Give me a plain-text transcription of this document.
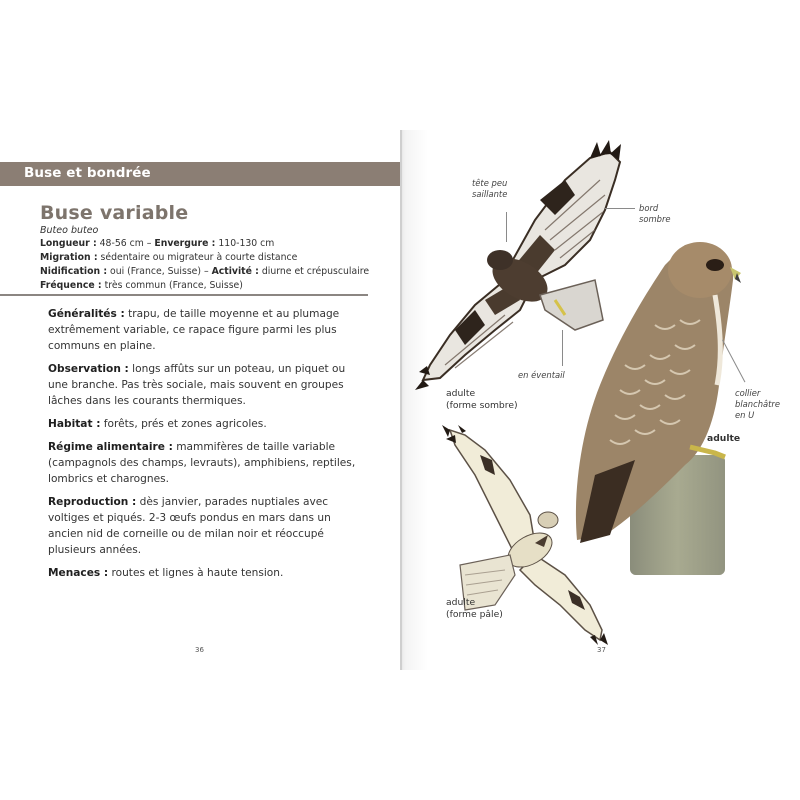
Buse et bondrée
Buse variable
Buteo buteo
Longueur : 48-56 cm – Envergure : 110-130 cm
Migration : sédentaire ou migrateur à courte distance
Nidification : oui (France, Suisse) – Activité : diurne et crépusculaire
Fréquence : très commun (France, Suisse)

Généralités : trapu, de taille moyenne et au plumage extrêmement variable, ce rapace figure parmi les plus communs en plaine.

Observation : longs affûts sur un poteau, un piquet ou une branche. Pas très sociale, mais souvent en groupes lâches dans les courants thermiques.

Habitat : forêts, prés et zones agricoles.

Régime alimentaire : mammifères de taille variable (campagnols des champs, levrauts), amphibiens, reptiles, lombrics et charognes.

Reproduction : dès janvier, parades nuptiales avec voltiges et piqués. 2-3 œufs pondus en mars dans un ancien nid de corneille ou de milan noir et réoccupé plusieurs années.

Menaces : routes et lignes à haute tension.

36
tête peu
saillante
bord
sombre
en éventail
collier
blanchâtre
en U
adulte
(forme sombre)
adulte
adulte
(forme pâle)
37
